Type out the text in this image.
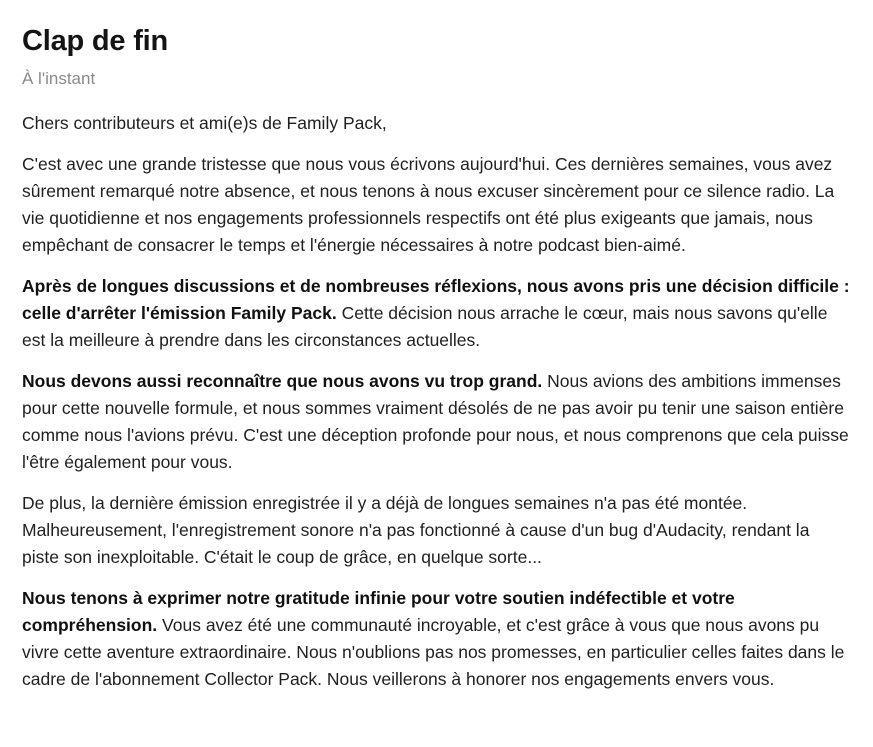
Clap de fin
À l'instant

Chers contributeurs et ami(e)s de Family Pack,

C'est avec une grande tristesse que nous vous écrivons aujourd'hui. Ces dernières semaines, vous avez sûrement remarqué notre absence, et nous tenons à nous excuser sincèrement pour ce silence radio. La vie quotidienne et nos engagements professionnels respectifs ont été plus exigeants que jamais, nous empêchant de consacrer le temps et l'énergie nécessaires à notre podcast bien-aimé.

Après de longues discussions et de nombreuses réflexions, nous avons pris une décision difficile : celle d'arrêter l'émission Family Pack. Cette décision nous arrache le cœur, mais nous savons qu'elle est la meilleure à prendre dans les circonstances actuelles.

Nous devons aussi reconnaître que nous avons vu trop grand. Nous avions des ambitions immenses pour cette nouvelle formule, et nous sommes vraiment désolés de ne pas avoir pu tenir une saison entière comme nous l'avions prévu. C'est une déception profonde pour nous, et nous comprenons que cela puisse l'être également pour vous.

De plus, la dernière émission enregistrée il y a déjà de longues semaines n'a pas été montée. Malheureusement, l'enregistrement sonore n'a pas fonctionné à cause d'un bug d'Audacity, rendant la piste son inexploitable. C'était le coup de grâce, en quelque sorte...

Nous tenons à exprimer notre gratitude infinie pour votre soutien indéfectible et votre compréhension. Vous avez été une communauté incroyable, et c'est grâce à vous que nous avons pu vivre cette aventure extraordinaire. Nous n'oublions pas nos promesses, en particulier celles faites dans le cadre de l'abonnement Collector Pack. Nous veillerons à honorer nos engagements envers vous.
